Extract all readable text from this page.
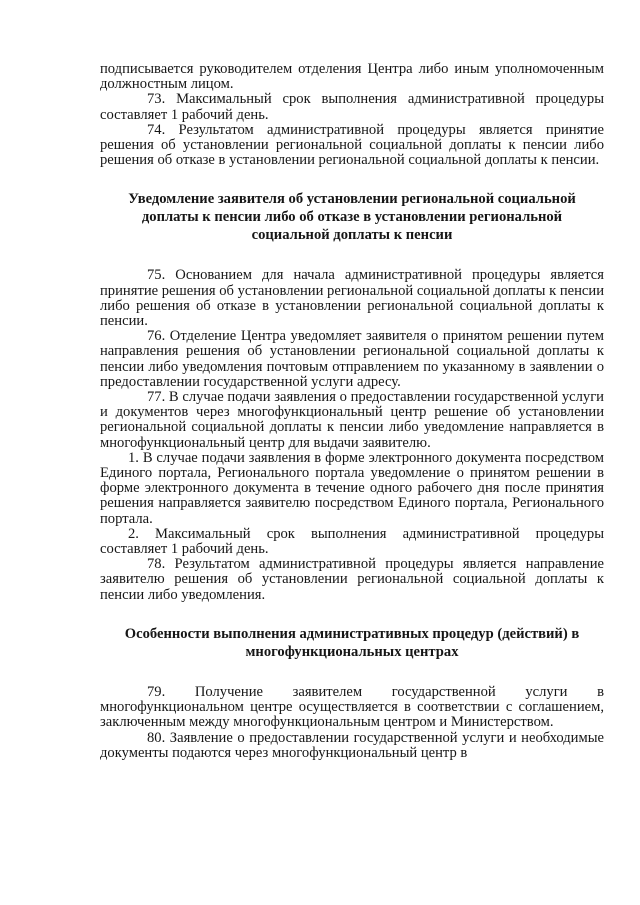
подписывается руководителем отделения Центра либо иным уполномоченным должностным лицом.

73. Максимальный срок выполнения административной процедуры составляет 1 рабочий день.

74. Результатом административной процедуры является принятие решения об установлении региональной социальной доплаты к пенсии либо решения об отказе в установлении региональной социальной доплаты к пенсии.

Уведомление заявителя об установлении региональной социальной доплаты к пенсии либо об отказе в установлении региональной социальной доплаты к пенсии

75. Основанием для начала административной процедуры является принятие решения об установлении региональной социальной доплаты к пенсии либо решения об отказе в установлении региональной социальной доплаты к пенсии.

76. Отделение Центра уведомляет заявителя о принятом решении путем направления решения об установлении региональной социальной доплаты к пенсии либо уведомления почтовым отправлением по указанному в заявлении о предоставлении государственной услуги адресу.

77. В случае подачи заявления о предоставлении государственной услуги и документов через многофункциональный центр решение об установлении региональной социальной доплаты к пенсии либо уведомление направляется в многофункциональный центр для выдачи заявителю.

1. В случае подачи заявления в форме электронного документа посредством Единого портала, Регионального портала уведомление о принятом решении в форме электронного документа в течение одного рабочего дня после принятия решения направляется заявителю посредством Единого портала, Регионального портала.

2. Максимальный срок выполнения административной процедуры составляет 1 рабочий день.

78. Результатом административной процедуры является направление заявителю решения об установлении региональной социальной доплаты к пенсии либо уведомления.

Особенности выполнения административных процедур (действий) в многофункциональных центрах

79. Получение заявителем государственной услуги в многофункциональном центре осуществляется в соответствии с соглашением, заключенным между многофункциональным центром и Министерством.

80. Заявление о предоставлении государственной услуги и необходимые документы подаются через многофункциональный центр в
